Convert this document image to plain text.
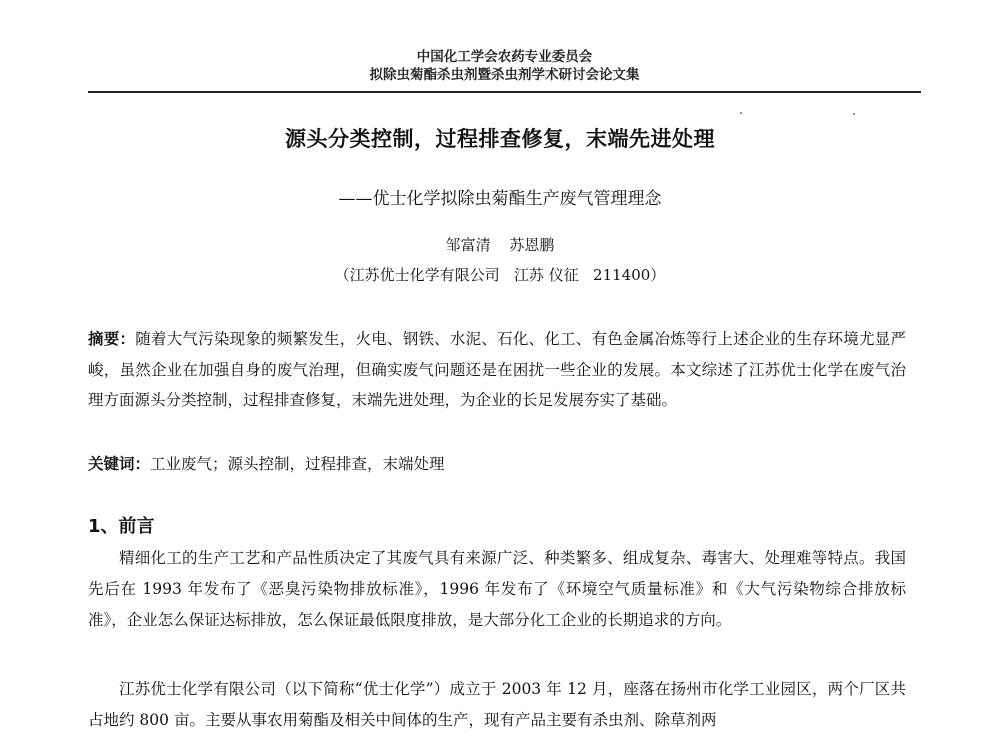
中国化工学会农药专业委员会
拟除虫菊酯杀虫剂暨杀虫剂学术研讨会论文集
源头分类控制，过程排查修复，末端先进处理
——优士化学拟除虫菊酯生产废气管理理念
邹富清 苏恩鹏
（江苏优士化学有限公司   江苏 仪征   211400）
摘要：随着大气污染现象的频繁发生，火电、钢铁、水泥、石化、化工、有色金属冶炼等行上述企业的生存环境尤显严峻，虽然企业在加强自身的废气治理，但确实废气问题还是在困扰一些企业的发展。本文综述了江苏优士化学在废气治理方面源头分类控制，过程排查修复，末端先进处理，为企业的长足发展夯实了基础。
关键词：工业废气；源头控制，过程排查，末端处理
1、前言
精细化工的生产工艺和产品性质决定了其废气具有来源广泛、种类繁多、组成复杂、毒害大、处理难等特点。我国先后在 1993 年发布了《恶臭污染物排放标准》，1996 年发布了《环境空气质量标准》和《大气污染物综合排放标准》，企业怎么保证达标排放，怎么保证最低限度排放，是大部分化工企业的长期追求的方向。
江苏优士化学有限公司（以下简称“优士化学”）成立于 2003 年 12 月，座落在扬州市化学工业园区，两个厂区共占地约 800 亩。主要从事农用菊酯及相关中间体的生产，现有产品主要有杀虫剂、除草剂两
